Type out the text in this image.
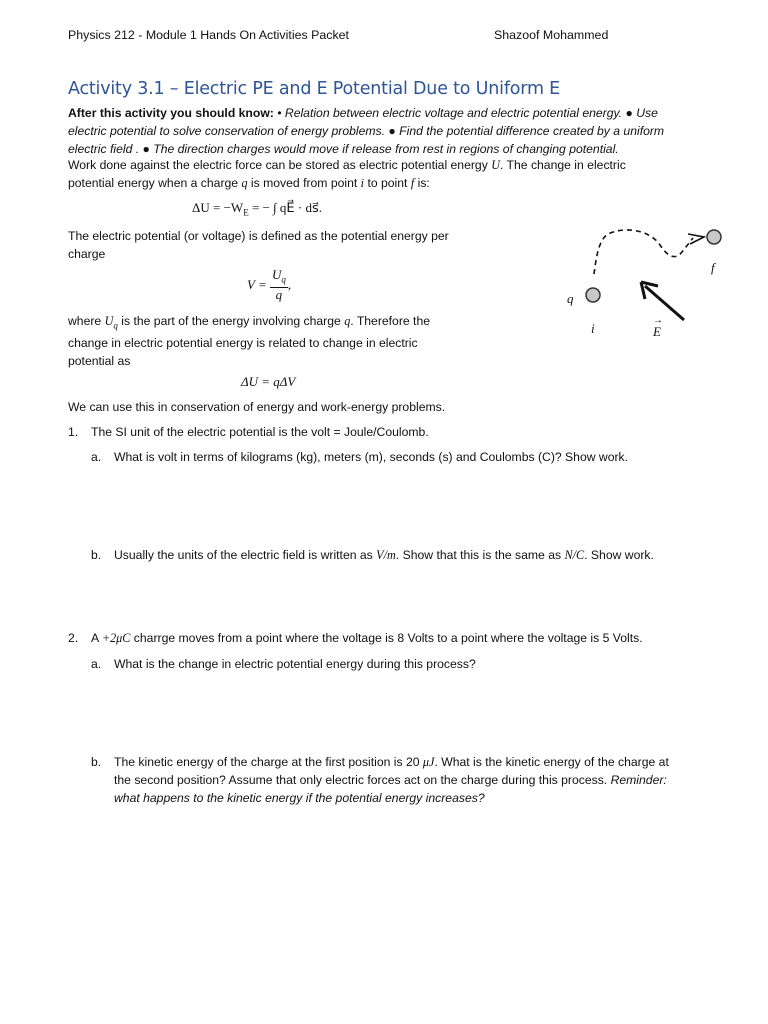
Physics 212 - Module 1 Hands On Activities Packet	Shazoof Mohammed
Activity 3.1 – Electric PE and E Potential Due to Uniform E
After this activity you should know: • Relation between electric voltage and electric potential energy. ● Use
electric potential to solve conservation of energy problems. ● Find the potential difference created by a uniform
electric field . ● The direction charges would move if release from rest in regions of changing potential.
Work done against the electric force can be stored as electric potential energy U. The change in electric
potential energy when a charge q is moved from point i to point f is:
$\Delta U = -W_E$ = − ∫ qE⃗ · ds⃗.
The electric potential (or voltage) is defined as the potential energy per
charge
$V = \frac{U_q}{q}$ ,
where $U_q$ is the part of the energy involving charge q. Therefore the
change in electric potential energy is related to change in electric
potential as
ΔU = qΔV
We can use this in conservation of energy and work-energy problems.
q
i
f
→
E
1. The SI unit of the electric potential is the volt = Joule/Coulomb.
a. What is volt in terms of kilograms (kg), meters (m), seconds (s) and Coulombs (C)? Show work.
b. Usually the units of the electric field is written as V/m. Show that this is the same as N/C. Show work.
2. A +2μC charrge moves from a point where the voltage is 8 Volts to a point where the voltage is 5 Volts.
a. What is the change in electric potential energy during this process?
b. The kinetic energy of the charge at the first position is 20 μJ. What is the kinetic energy of the charge at
the second position? Assume that only electric forces act on the charge during this process. Reminder:
what happens to the kinetic energy if the potential energy increases?
